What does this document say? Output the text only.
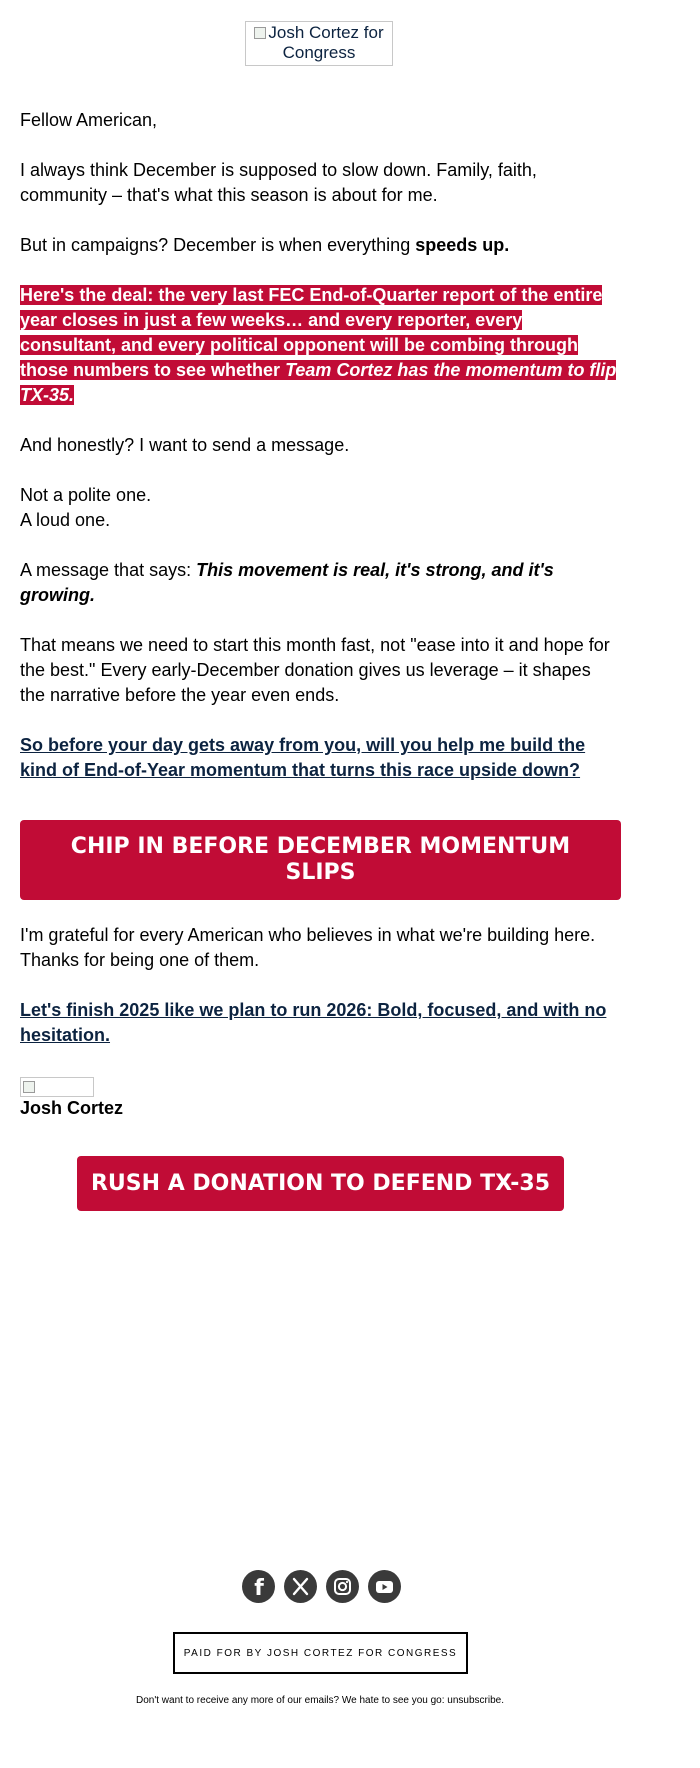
Josh Cortez for Congress

Fellow American,

I always think December is supposed to slow down. Family, faith, community – that's what this season is about for me.

But in campaigns? December is when everything speeds up.

Here's the deal: the very last FEC End-of-Quarter report of the entire year closes in just a few weeks… and every reporter, every consultant, and every political opponent will be combing through those numbers to see whether Team Cortez has the momentum to flip TX-35.

And honestly? I want to send a message.

Not a polite one.
A loud one.

A message that says: This movement is real, it's strong, and it's growing.

That means we need to start this month fast, not "ease into it and hope for the best." Every early-December donation gives us leverage – it shapes the narrative before the year even ends.

So before your day gets away from you, will you help me build the kind of End-of-Year momentum that turns this race upside down?

I'm grateful for every American who believes in what we're building here. Thanks for being one of them.

Let's finish 2025 like we plan to run 2026: Bold, focused, and with no hesitation.

CHIP IN BEFORE DECEMBER MOMENTUM SLIPS
Josh Cortez
RUSH A DONATION TO DEFEND TX-35
f
PAID FOR BY JOSH CORTEZ FOR CONGRESS
Don't want to receive any more of our emails? We hate to see you go: unsubscribe.
